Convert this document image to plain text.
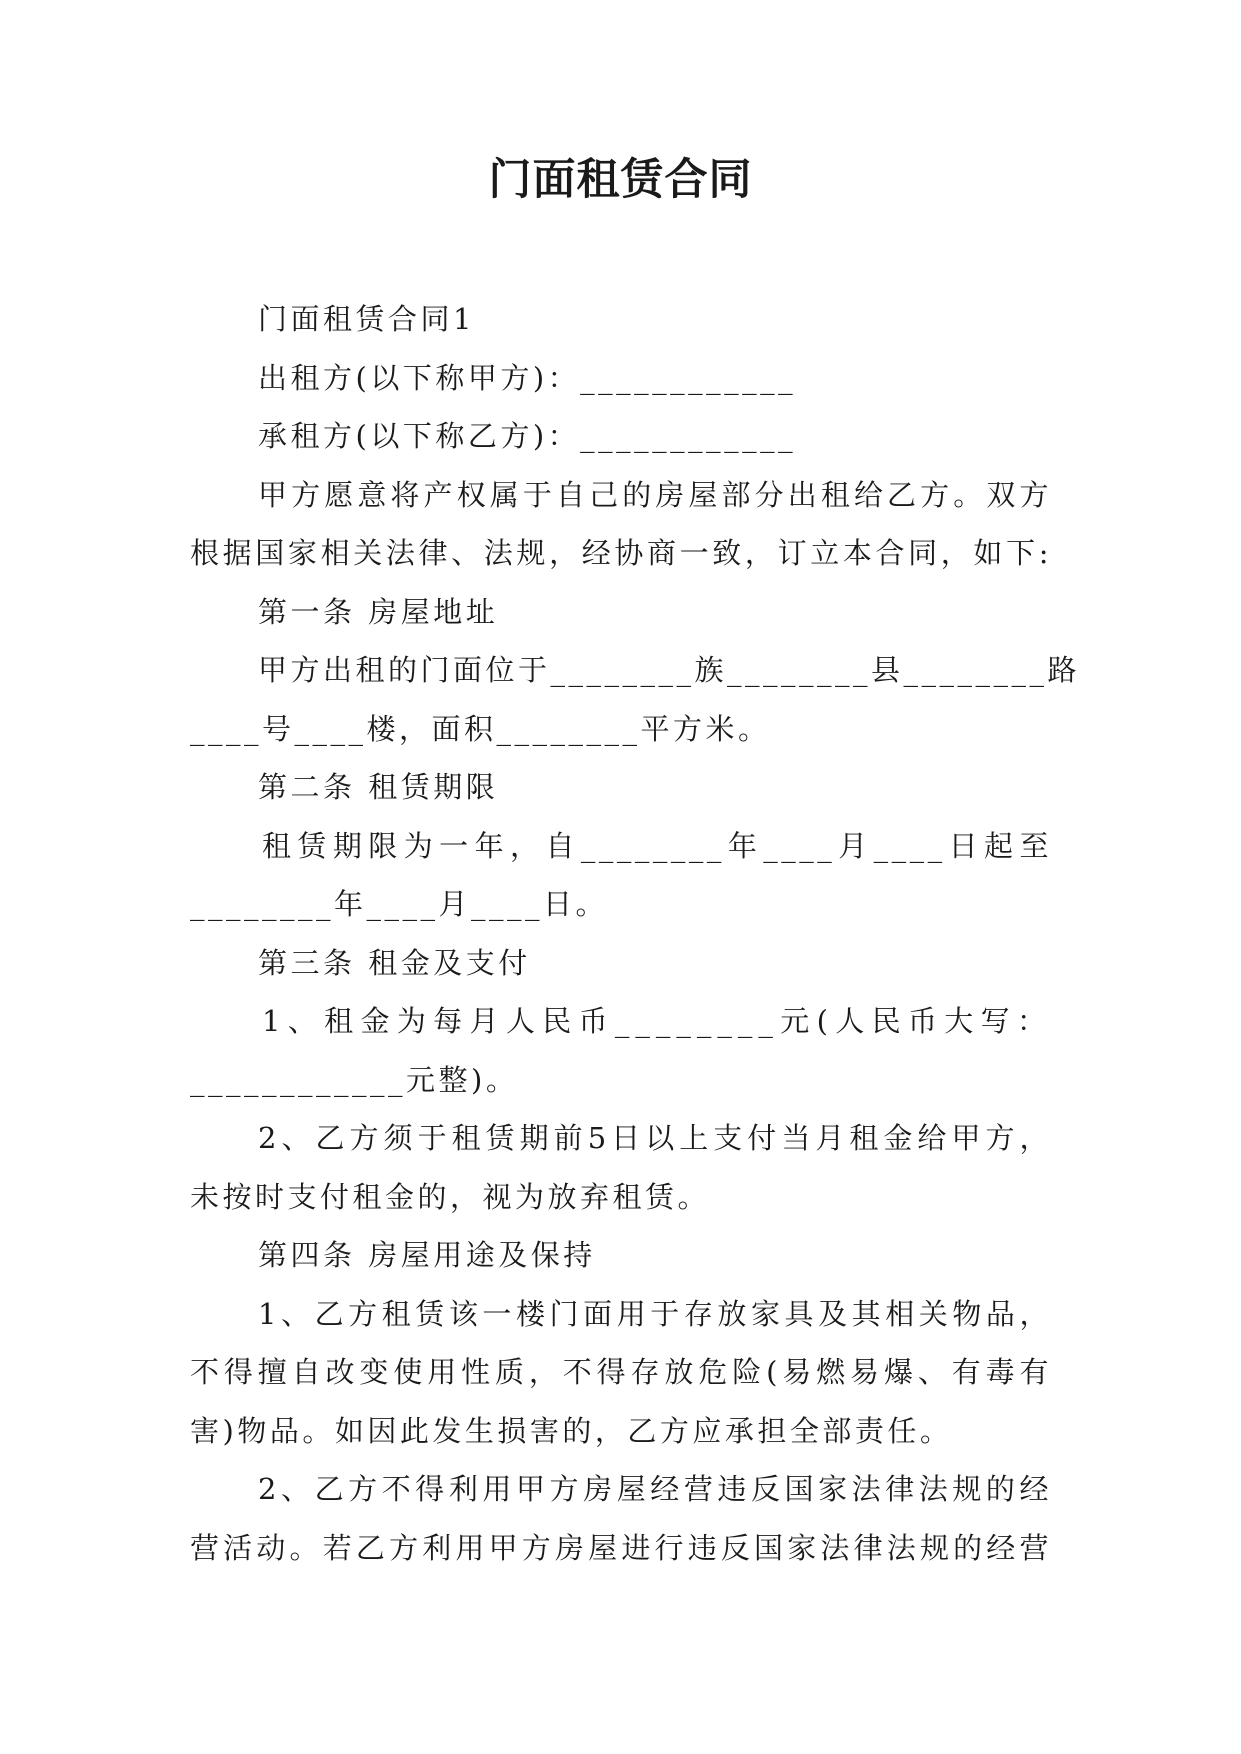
门面租赁合同

门面租赁合同1

出租方(以下称甲方)：____________

承租方(以下称乙方)：____________

甲方愿意将产权属于自己的房屋部分出租给乙方。双方

根据国家相关法律、法规，经协商一致，订立本合同，如下:

第一条 房屋地址

甲方出租的门面位于________族________县________路

____号____楼，面积________平方米。

第二条 租赁期限

租赁期限为一年，自________年____月____日起至

________年____月____日。

第三条 租金及支付

1、租金为每月人民币________元(人民币大写：

____________元整)。

2、乙方须于租赁期前5日以上支付当月租金给甲方，

未按时支付租金的，视为放弃租赁。

第四条 房屋用途及保持

1、乙方租赁该一楼门面用于存放家具及其相关物品，

不得擅自改变使用性质，不得存放危险(易燃易爆、有毒有

害)物品。如因此发生损害的，乙方应承担全部责任。

2、乙方不得利用甲方房屋经营违反国家法律法规的经

营活动。若乙方利用甲方房屋进行违反国家法律法规的经营
